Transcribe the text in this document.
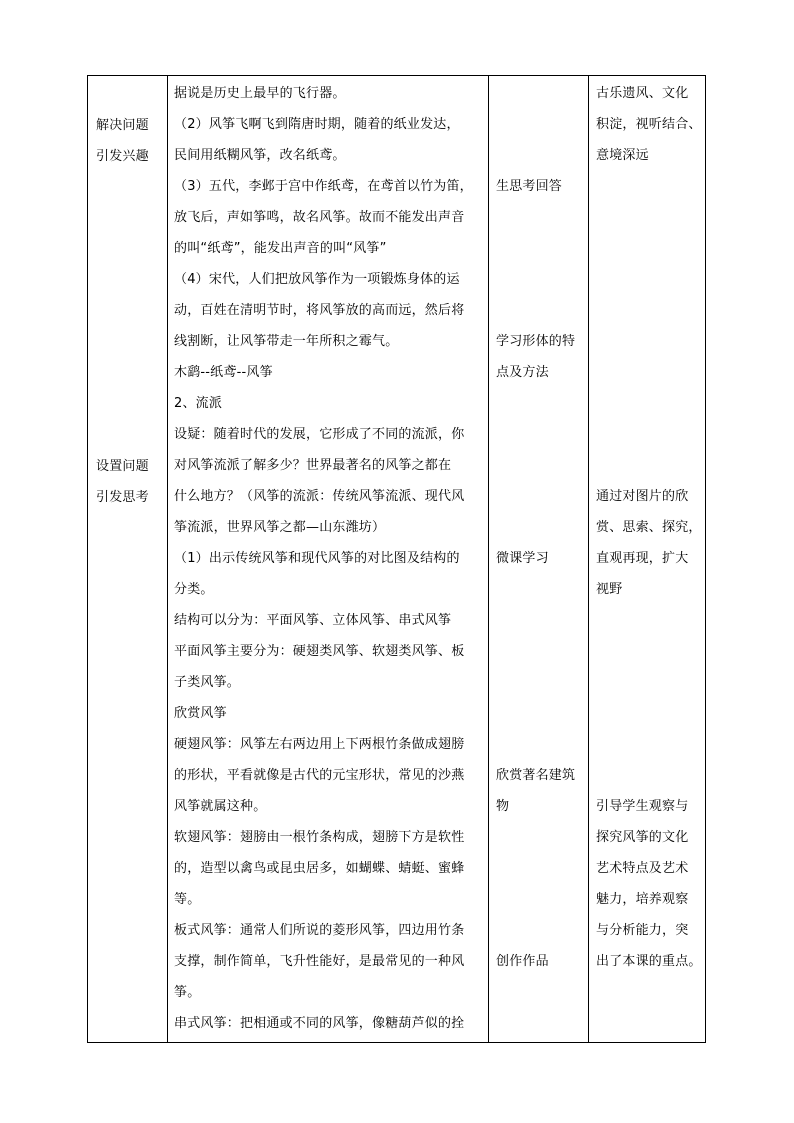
解决问题
引发兴趣
设置问题
引发思考
据说是历史上最早的飞行器。
（2）风筝飞啊飞到隋唐时期，随着的纸业发达，
民间用纸糊风筝，改名纸鸢。
（3）五代，李邺于宫中作纸鸢，在鸢首以竹为笛，
放飞后，声如筝鸣，故名风筝。故而不能发出声音
的叫“纸鸢”，能发出声音的叫“风筝”
（4）宋代，人们把放风筝作为一项锻炼身体的运
动，百姓在清明节时，将风筝放的高而远，然后将
线割断，让风筝带走一年所积之霉气。
木鹞--纸鸢--风筝
2、流派
设疑：随着时代的发展，它形成了不同的流派，你
对风筝流派了解多少？世界最著名的风筝之都在
什么地方？（风筝的流派：传统风筝流派、现代风
筝流派，世界风筝之都—山东潍坊）
（1）出示传统风筝和现代风筝的对比图及结构的
分类。
结构可以分为：平面风筝、立体风筝、串式风筝
平面风筝主要分为：硬翅类风筝、软翅类风筝、板
子类风筝。
欣赏风筝
硬翅风筝：风筝左右两边用上下两根竹条做成翅膀
的形状，平看就像是古代的元宝形状，常见的沙燕
风筝就属这种。
软翅风筝：翅膀由一根竹条构成，翅膀下方是软性
的，造型以禽鸟或昆虫居多，如蝴蝶、蜻蜓、蜜蜂
等。
板式风筝：通常人们所说的菱形风筝，四边用竹条
支撑，制作简单，飞升性能好，是最常见的一种风
筝。
串式风筝：把相通或不同的风筝，像糖葫芦似的拴
生思考回答
学习形体的特
点及方法
微课学习
欣赏著名建筑
物
创作作品
古乐遗风、文化
积淀，视听结合、
意境深远
通过对图片的欣
赏、思索、探究，
直观再现，扩大
视野
引导学生观察与
探究风筝的文化
艺术特点及艺术
魅力，培养观察
与分析能力，突
出了本课的重点。
